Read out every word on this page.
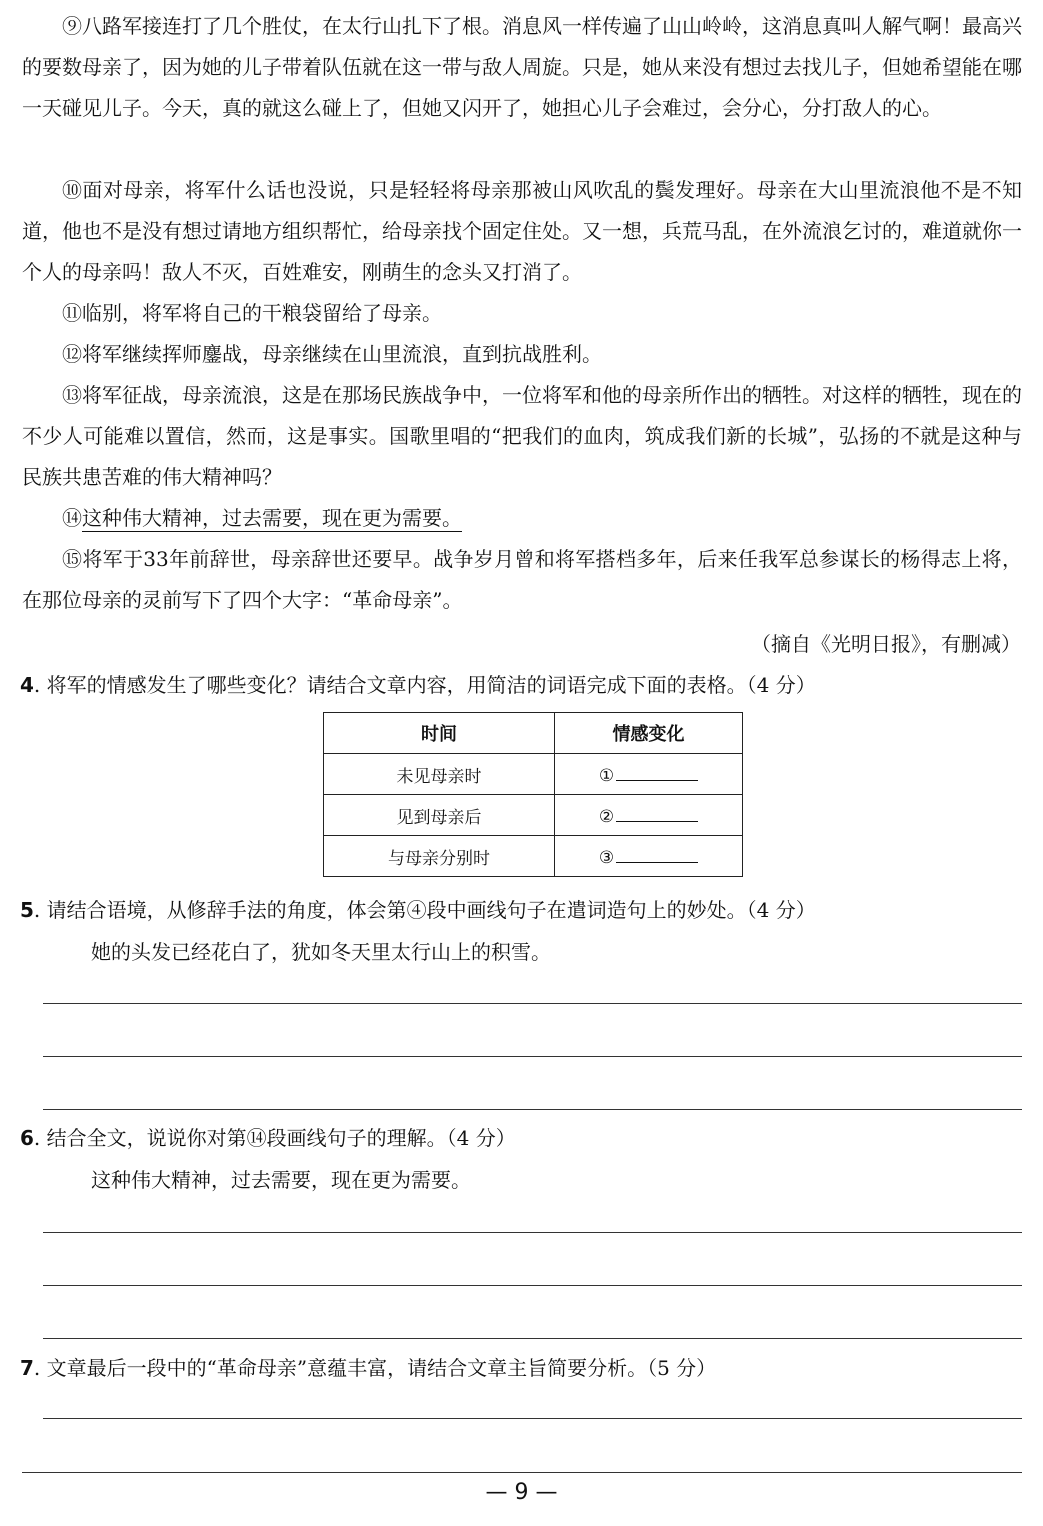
⑨八路军接连打了几个胜仗，在太行山扎下了根。消息风一样传遍了山山岭岭，这消息真叫人解气啊！最高兴的要数母亲了，因为她的儿子带着队伍就在这一带与敌人周旋。只是，她从来没有想过去找儿子，但她希望能在哪一天碰见儿子。今天，真的就这么碰上了，但她又闪开了，她担心儿子会难过，会分心，分打敌人的心。

⑩面对母亲，将军什么话也没说，只是轻轻将母亲那被山风吹乱的鬓发理好。母亲在大山里流浪他不是不知道，他也不是没有想过请地方组织帮忙，给母亲找个固定住处。又一想，兵荒马乱，在外流浪乞讨的，难道就你一个人的母亲吗！敌人不灭，百姓难安，刚萌生的念头又打消了。

⑪临别，将军将自己的干粮袋留给了母亲。

⑫将军继续挥师鏖战，母亲继续在山里流浪，直到抗战胜利。

⑬将军征战，母亲流浪，这是在那场民族战争中，一位将军和他的母亲所作出的牺牲。对这样的牺牲，现在的不少人可能难以置信，然而，这是事实。国歌里唱的“把我们的血肉，筑成我们新的长城”，弘扬的不就是这种与民族共患苦难的伟大精神吗？

⑭这种伟大精神，过去需要，现在更为需要。

⑮将军于33年前辞世，母亲辞世还要早。战争岁月曾和将军搭档多年，后来任我军总参谋长的杨得志上将，在那位母亲的灵前写下了四个大字：“革命母亲”。

（摘自《光明日报》，有删减）
4. 将军的情感发生了哪些变化？请结合文章内容，用简洁的词语完成下面的表格。（4 分）
时间	情感变化
未见母亲时	①
见到母亲后	②
与母亲分别时	③
5. 请结合语境，从修辞手法的角度，体会第④段中画线句子在遣词造句上的妙处。（4 分）
她的头发已经花白了，犹如冬天里太行山上的积雪。
6. 结合全文，说说你对第⑭段画线句子的理解。（4 分）
这种伟大精神，过去需要，现在更为需要。
7. 文章最后一段中的“革命母亲”意蕴丰富，请结合文章主旨简要分析。（5 分）
— 9 —
